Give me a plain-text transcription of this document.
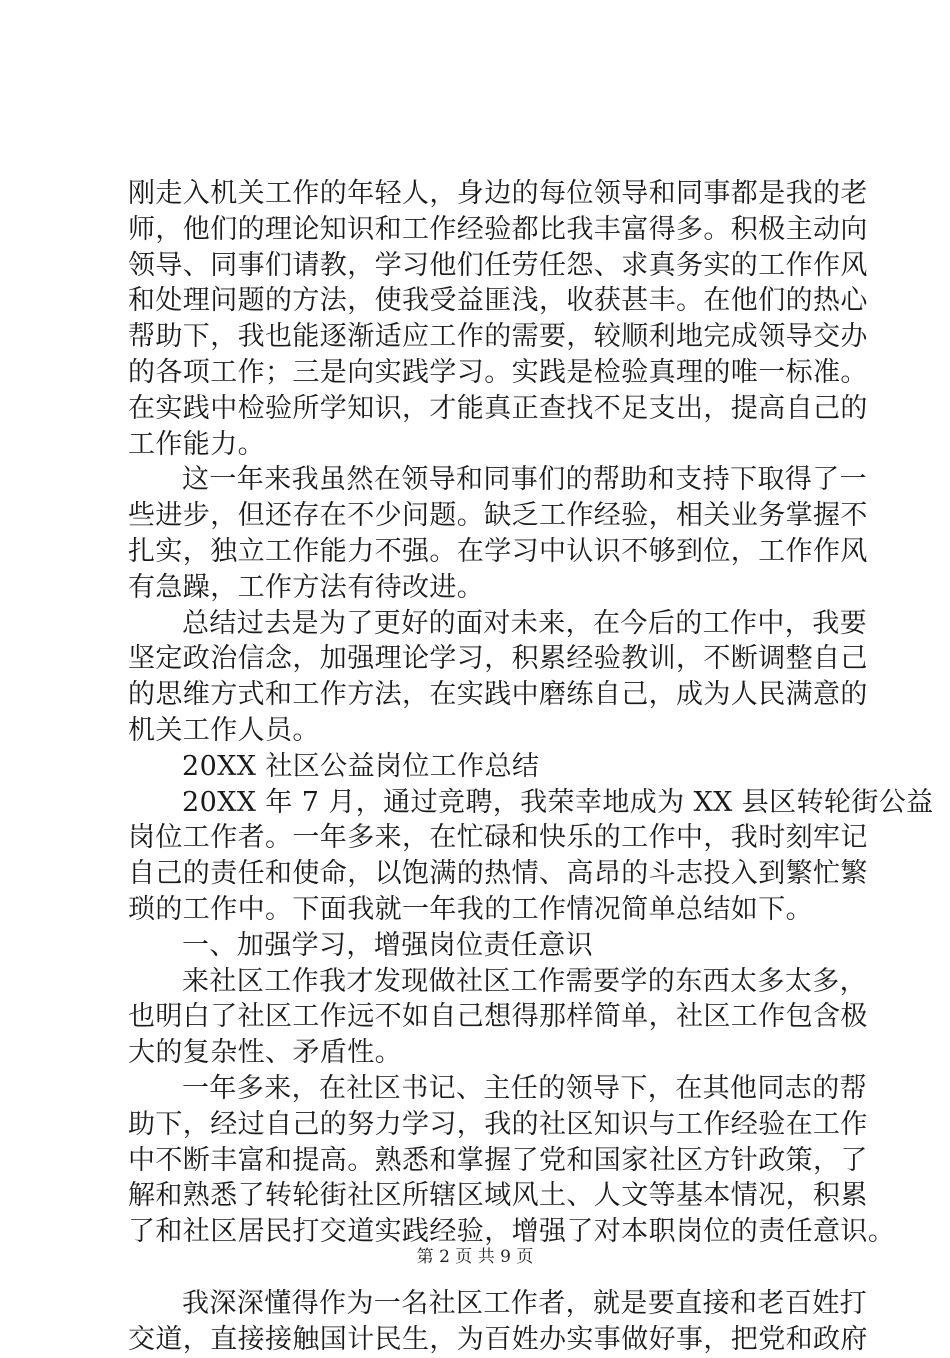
刚走入机关工作的年轻人，身边的每位领导和同事都是我的老
师，他们的理论知识和工作经验都比我丰富得多。积极主动向
领导、同事们请教，学习他们任劳任怨、求真务实的工作作风
和处理问题的方法，使我受益匪浅，收获甚丰。在他们的热心
帮助下，我也能逐渐适应工作的需要，较顺利地完成领导交办
的各项工作；三是向实践学习。实践是检验真理的唯一标准。
在实践中检验所学知识，才能真正查找不足支出，提高自己的
工作能力。
这一年来我虽然在领导和同事们的帮助和支持下取得了一
些进步，但还存在不少问题。缺乏工作经验，相关业务掌握不
扎实，独立工作能力不强。在学习中认识不够到位，工作作风
有急躁，工作方法有待改进。
总结过去是为了更好的面对未来，在今后的工作中，我要
坚定政治信念，加强理论学习，积累经验教训，不断调整自己
的思维方式和工作方法，在实践中磨练自己，成为人民满意的
机关工作人员。
20XX 社区公益岗位工作总结
20XX 年 7 月，通过竞聘，我荣幸地成为 XX 县区转轮街公益
岗位工作者。一年多来，在忙碌和快乐的工作中，我时刻牢记
自己的责任和使命，以饱满的热情、高昂的斗志投入到繁忙繁
琐的工作中。下面我就一年我的工作情况简单总结如下。
一、加强学习，增强岗位责任意识
来社区工作我才发现做社区工作需要学的东西太多太多，
也明白了社区工作远不如自己想得那样简单，社区工作包含极
大的复杂性、矛盾性。
一年多来，在社区书记、主任的领导下，在其他同志的帮
助下，经过自己的努力学习，我的社区知识与工作经验在工作
中不断丰富和提高。熟悉和掌握了党和国家社区方针政策，了
解和熟悉了转轮街社区所辖区域风土、人文等基本情况，积累
了和社区居民打交道实践经验，增强了对本职岗位的责任意识。
我深深懂得作为一名社区工作者，就是要直接和老百姓打
交道，直接接触国计民生，为百姓办实事做好事，把党和政府
第 2 页 共 9 页
